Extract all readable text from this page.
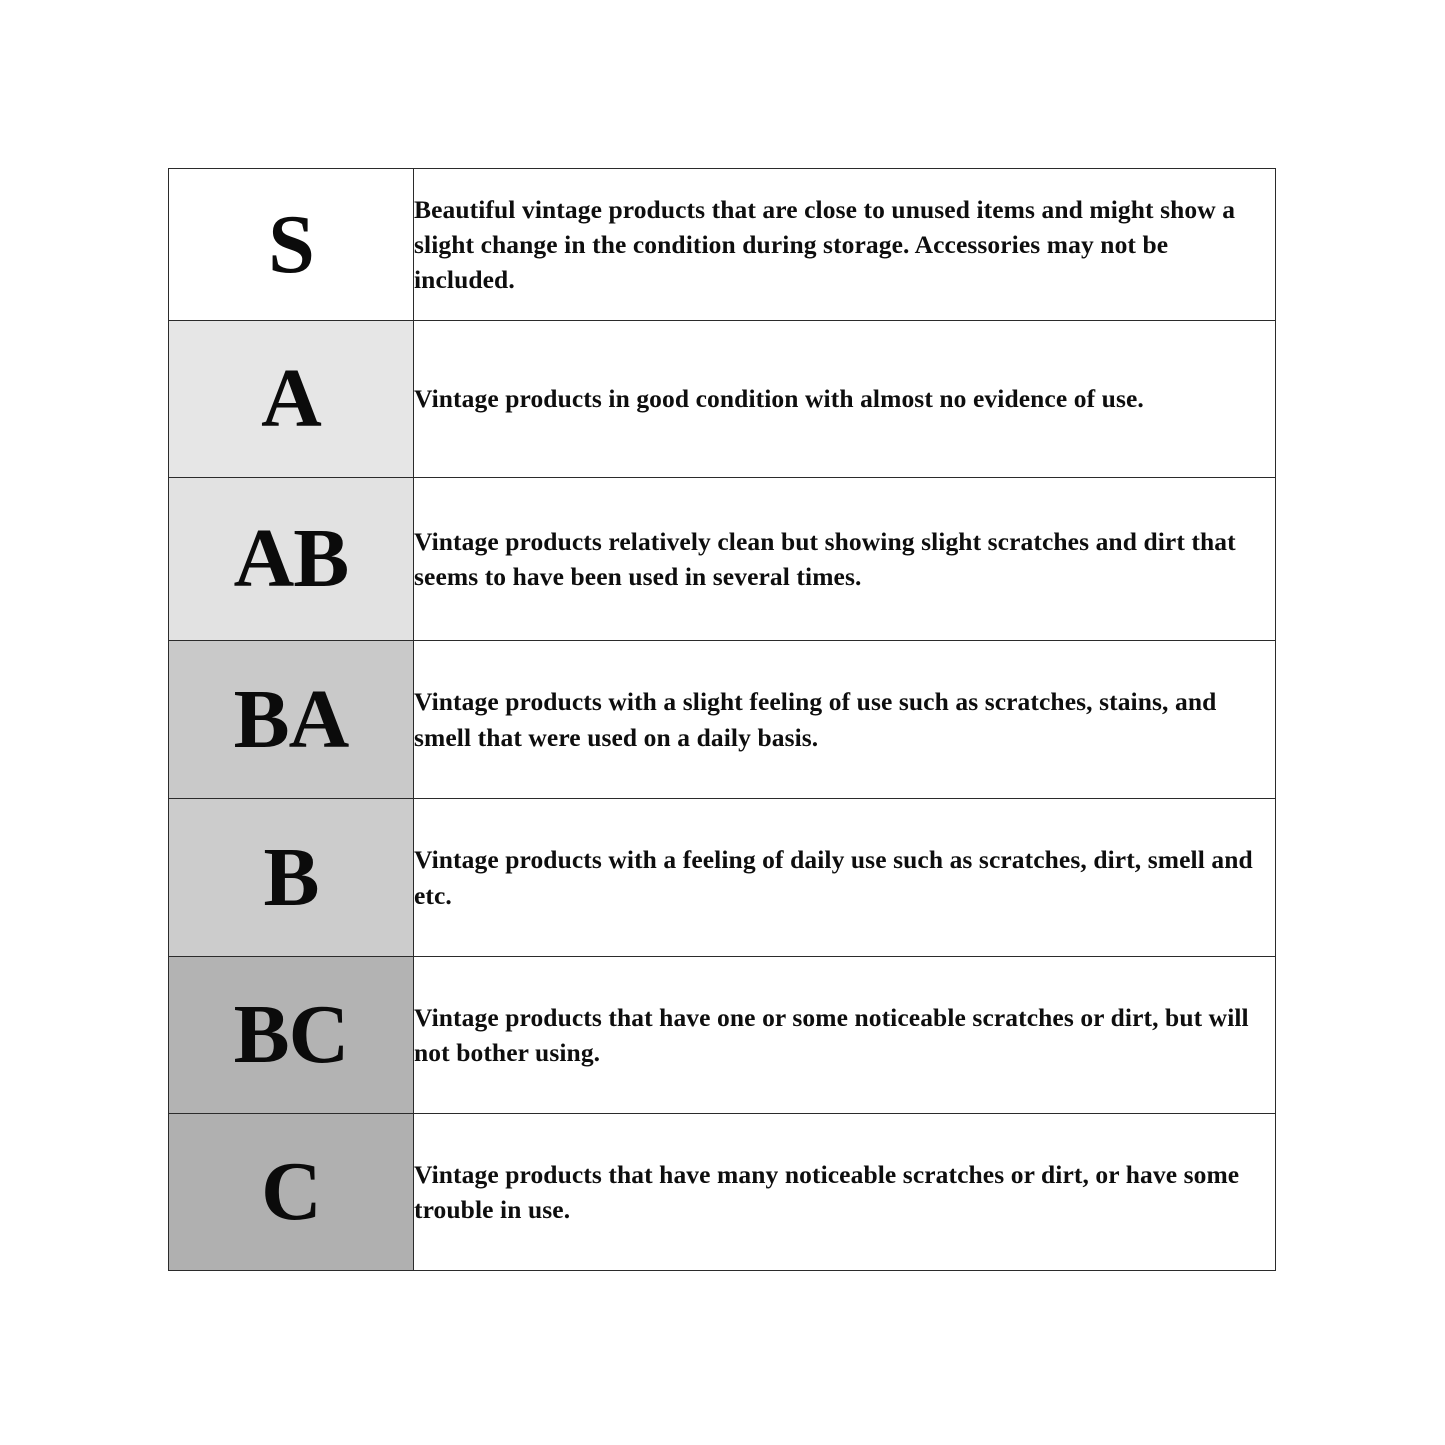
S	Beautiful vintage products that are close to unused items and might show a slight change in the condition during storage. Accessories may not be included.

A	Vintage products in good condition with almost no evidence of use.

AB	Vintage products relatively clean but showing slight scratches and dirt that seems to have been used in several times.

BA	Vintage products with a slight feeling of use such as scratches, stains, and smell that were used on a daily basis.

B	Vintage products with a feeling of daily use such as scratches, dirt, smell and etc.

BC	Vintage products that have one or some noticeable scratches or dirt, but will not bother using.

C	Vintage products that have many noticeable scratches or dirt, or have some trouble in use.
